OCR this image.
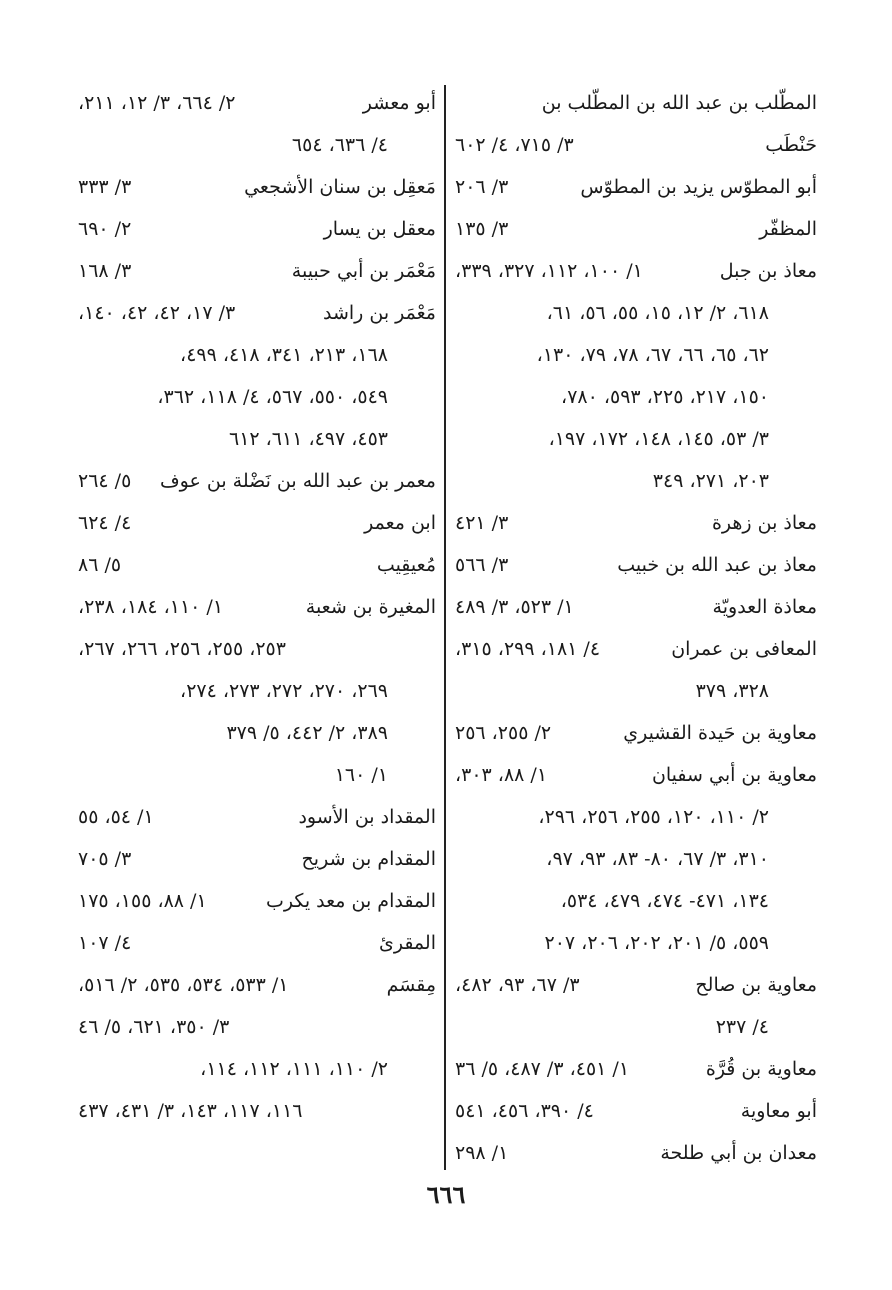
المطّلب بن عبد الله بن المطّلب بن
حَنْطَب
٣/ ٧١٥، ٤/ ٦٠٢
أبو المطوّس يزيد بن المطوّس
٣/ ٢٠٦
المظفّر
٣/ ١٣٥
معاذ بن جبل
١/ ١٠٠، ١١٢، ٣٢٧، ٣٣٩،
٦١٨، ٢/ ١٢، ١٥، ٥٥، ٥٦، ٦١،
٦٢، ٦٥، ٦٦، ٦٧، ٧٨، ٧٩، ١٣٠،
١٥٠، ٢١٧، ٢٢٥، ٥٩٣، ٧٨٠،
٣/ ٥٣، ١٤٥، ١٤٨، ١٧٢، ١٩٧،
٢٠٣، ٢٧١، ٣٤٩
معاذ بن زهرة
٣/ ٤٢١
معاذ بن عبد الله بن خبيب
٣/ ٥٦٦
معاذة العدويّة
١/ ٥٢٣، ٣/ ٤٨٩
المعافى بن عمران
٤/ ١٨١، ٢٩٩، ٣١٥،
٣٢٨، ٣٧٩
معاوية بن حَيدة القشيري
٢/ ٢٥٥، ٢٥٦
معاوية بن أبي سفيان
١/ ٨٨، ٣٠٣،
٢/ ١١٠، ١٢٠، ٢٥٥، ٢٥٦، ٢٩٦،
٣١٠، ٣/ ٦٧، ٨٠- ٨٣، ٩٣، ٩٧،
١٣٤، ٤٧١- ٤٧٤، ٤٧٩، ٥٣٤،
٥٥٩، ٥/ ٢٠١، ٢٠٢، ٢٠٦، ٢٠٧
معاوية بن صالح
٣/ ٦٧، ٩٣، ٤٨٢،
٤/ ٢٣٧
معاوية بن قُرَّة
١/ ٤٥١، ٣/ ٤٨٧، ٥/ ٣٦
أبو معاوية
٤/ ٣٩٠، ٤٥٦، ٥٤١
معدان بن أبي طلحة
١/ ٢٩٨
أبو معشر
٢/ ٦٦٤، ٣/ ١٢، ٢١١،
٤/ ٦٣٦، ٦٥٤
مَعقِل بن سنان الأشجعي
٣/ ٣٣٣
معقل بن يسار
٢/ ٦٩٠
مَعْمَر بن أبي حبيبة
٣/ ١٦٨
مَعْمَر بن راشد
٣/ ١٧، ٤٢، ٤٢، ١٤٠،
١٦٨، ٢١٣، ٣٤١، ٤١٨، ٤٩٩،
٥٤٩، ٥٥٠، ٥٦٧، ٤/ ١١٨، ٣٦٢،
٤٥٣، ٤٩٧، ٦١١، ٦١٢
معمر بن عبد الله بن نَضْلة بن عوف
٥/ ٢٦٤
ابن معمر
٤/ ٦٢٤
مُعيقِيب
٥/ ٨٦
المغيرة بن شعبة
١/ ١١٠، ١٨٤، ٢٣٨،
٢٥٣، ٢٥٥، ٢٥٦، ٢٦٦، ٢٦٧،
٢٦٩، ٢٧٠، ٢٧٢، ٢٧٣، ٢٧٤،
٣٨٩، ٢/ ٤٤٢، ٥/ ٣٧٩
١/ ١٦٠
المقداد بن الأسود
١/ ٥٤، ٥٥
المقدام بن شريح
٣/ ٧٠٥
المقدام بن معد يكرب
١/ ٨٨، ١٥٥، ١٧٥
المقرئ
٤/ ١٠٧
مِقسَم
١/ ٥٣٣، ٥٣٤، ٥٣٥، ٢/ ٥١٦،
٣/ ٣٥٠، ٦٢١، ٥/ ٤٦
٢/ ١١٠، ١١١، ١١٢، ١١٤،
١١٦، ١١٧، ١٤٣، ٣/ ٤٣١، ٤٣٧
٦٦٦
